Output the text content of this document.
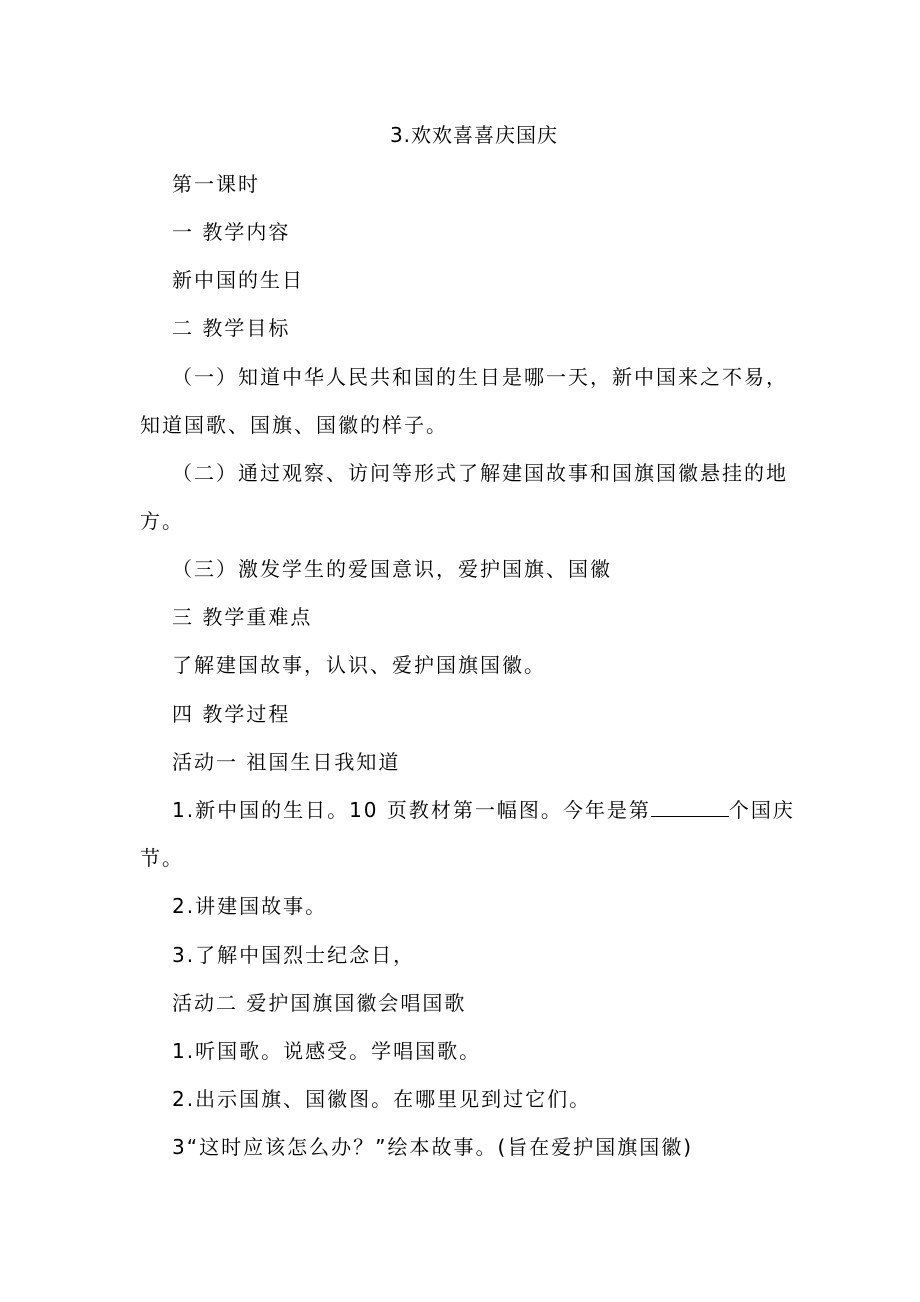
3.欢欢喜喜庆国庆
第一课时
一 教学内容
新中国的生日
二 教学目标
（一）知道中华人民共和国的生日是哪一天，新中国来之不易，
知道国歌、国旗、国徽的样子。
（二）通过观察、访问等形式了解建国故事和国旗国徽悬挂的地
方。
（三）激发学生的爱国意识，爱护国旗、国徽
三 教学重难点
了解建国故事，认识、爱护国旗国徽。
四 教学过程
活动一 祖国生日我知道
1.新中国的生日。10 页教材第一幅图。今年是第	个国庆
节。
2.讲建国故事。
3.了解中国烈士纪念日，
活动二 爱护国旗国徽会唱国歌
1.听国歌。说感受。学唱国歌。
2.出示国旗、国徽图。在哪里见到过它们。
3“这时应该怎么办？”绘本故事。(旨在爱护国旗国徽)
